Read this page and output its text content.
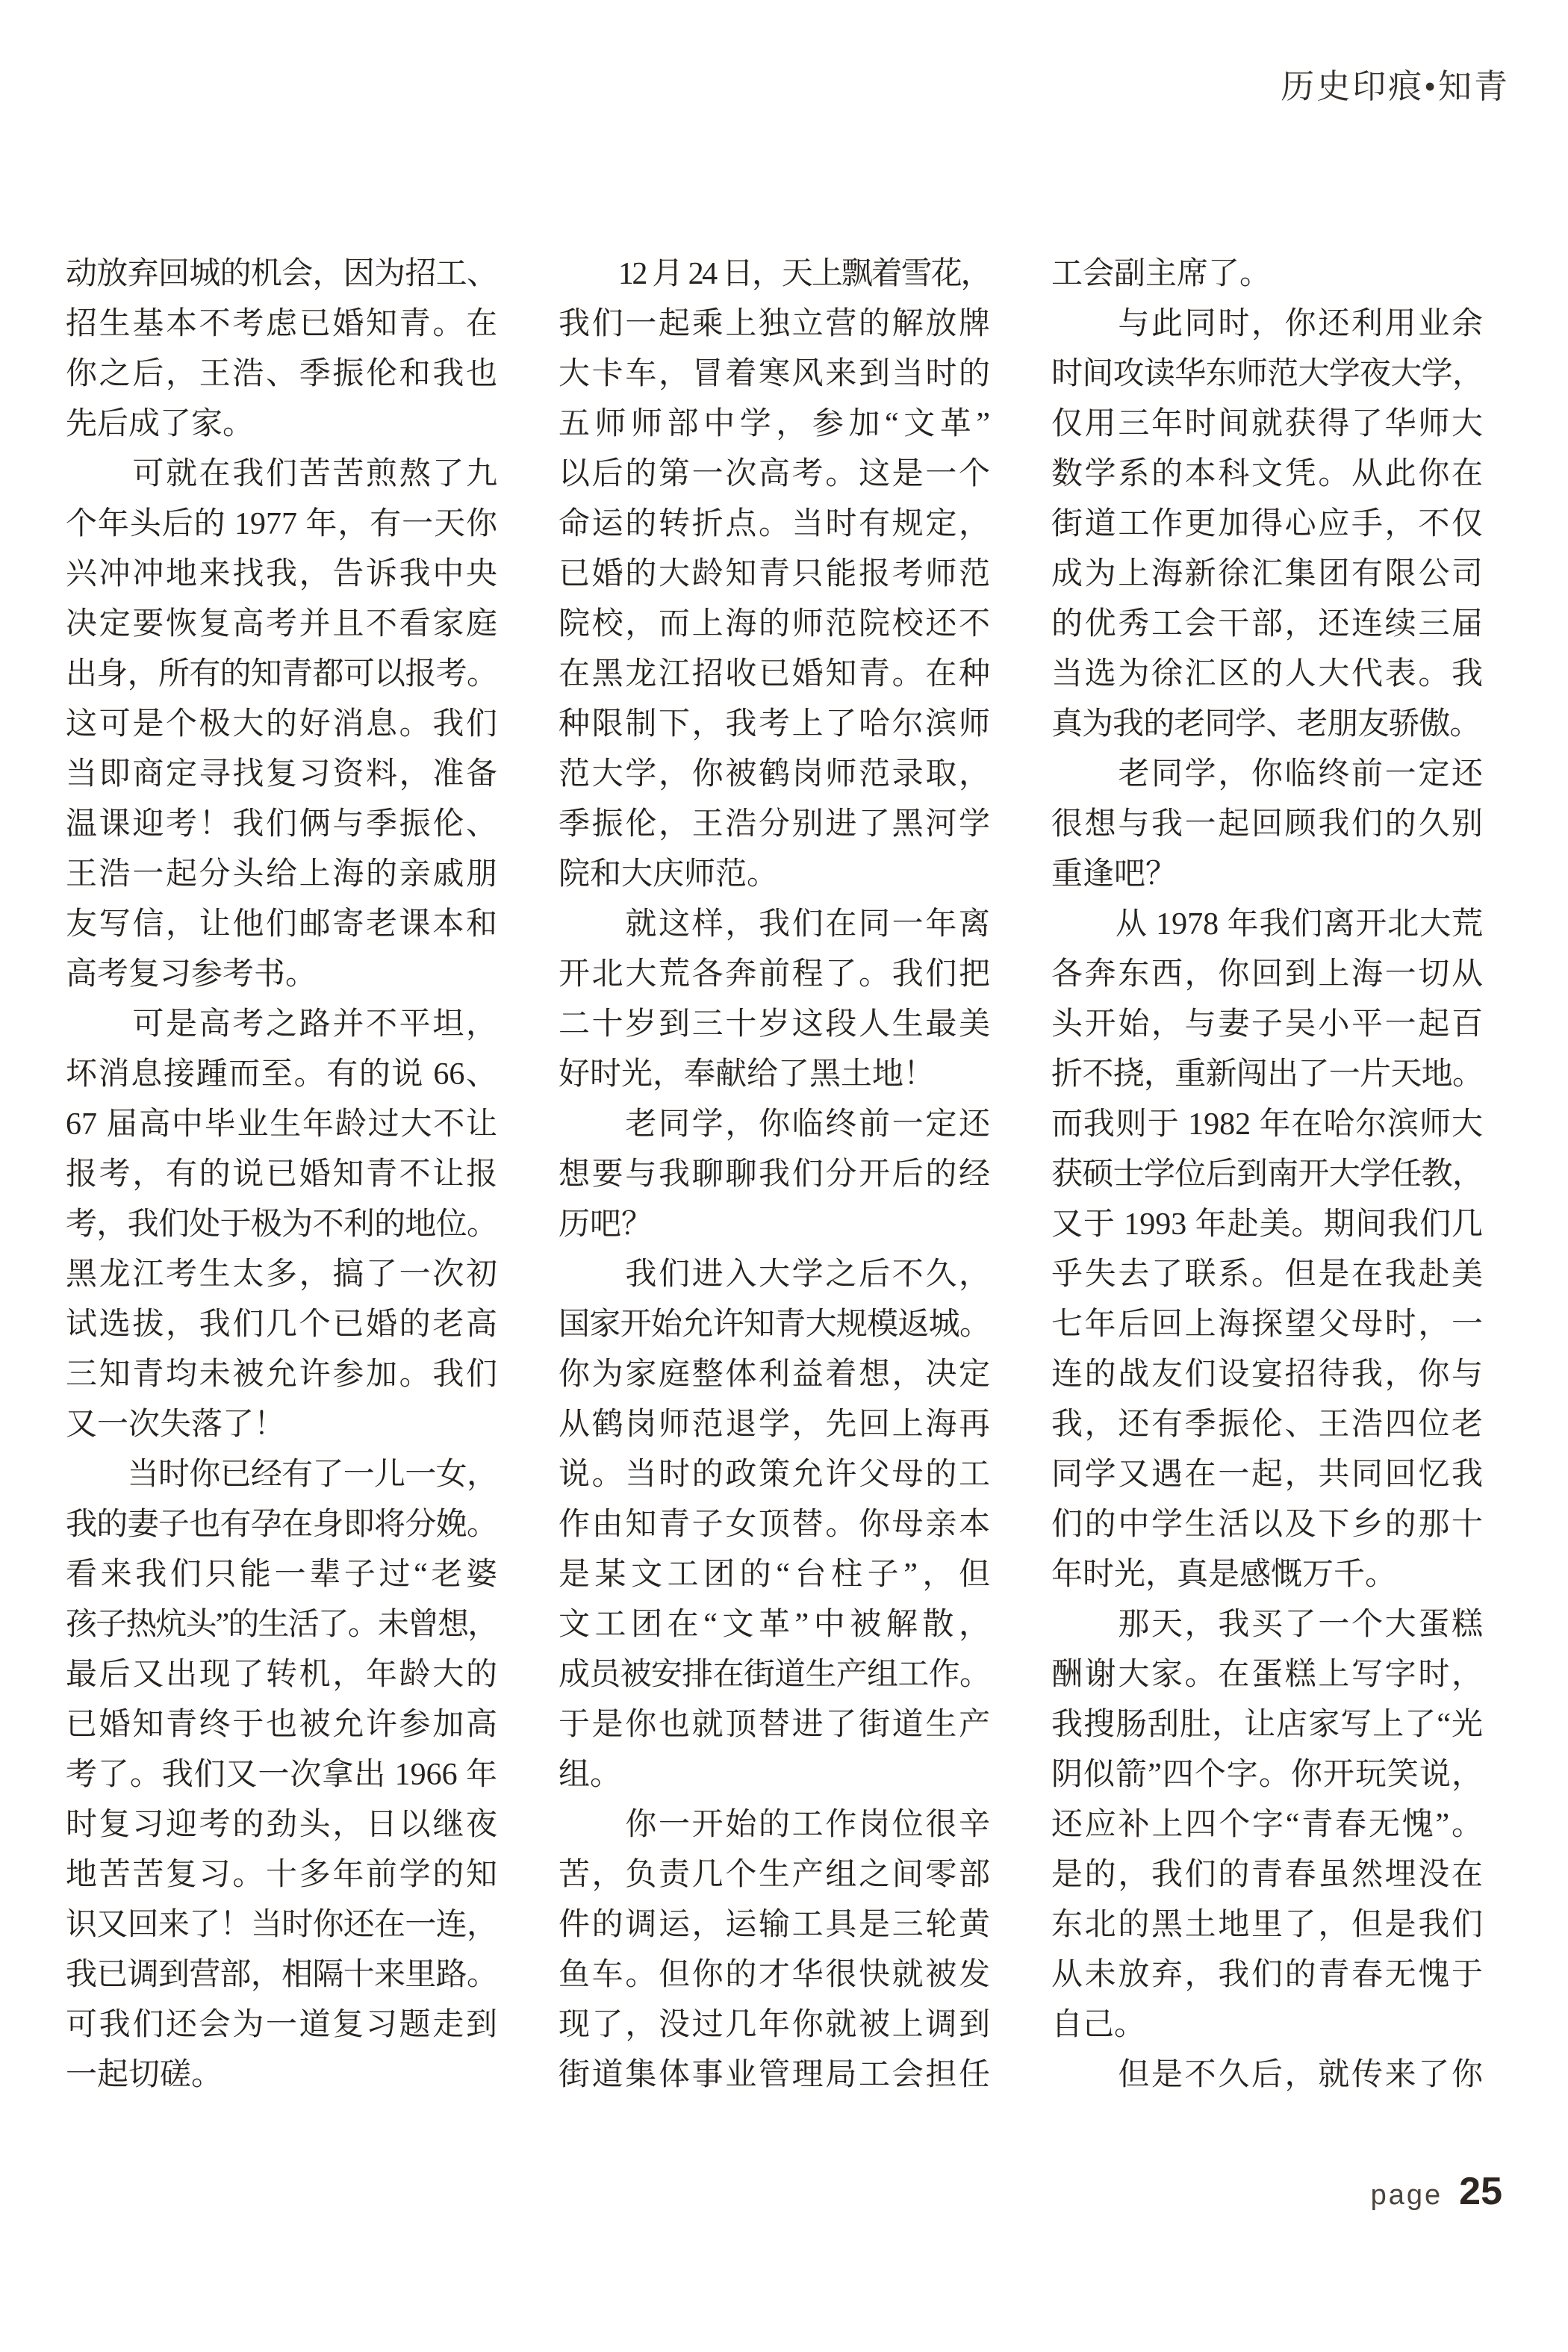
历史印痕•知青
动放弃回城的机会，因为招工、
招生基本不考虑已婚知青。在
你之后，王浩、季振伦和我也
先后成了家。
　　可就在我们苦苦煎熬了九
个年头后的 1977 年，有一天你
兴冲冲地来找我，告诉我中央
决定要恢复高考并且不看家庭
出身，所有的知青都可以报考。
这可是个极大的好消息。我们
当即商定寻找复习资料，准备
温课迎考！我们俩与季振伦、
王浩一起分头给上海的亲戚朋
友写信，让他们邮寄老课本和
高考复习参考书。
　　可是高考之路并不平坦，
坏消息接踵而至。有的说 66、
67 届高中毕业生年龄过大不让
报考，有的说已婚知青不让报
考，我们处于极为不利的地位。
黑龙江考生太多，搞了一次初
试选拔，我们几个已婚的老高
三知青均未被允许参加。我们
又一次失落了！
　　当时你已经有了一儿一女，
我的妻子也有孕在身即将分娩。
看来我们只能一辈子过“老婆
孩子热炕头”的生活了。未曾想，
最后又出现了转机，年龄大的
已婚知青终于也被允许参加高
考了。我们又一次拿出 1966 年
时复习迎考的劲头，日以继夜
地苦苦复习。十多年前学的知
识又回来了！当时你还在一连，
我已调到营部，相隔十来里路。
可我们还会为一道复习题走到
一起切磋。
　　12 月 24 日，天上飘着雪花，
我们一起乘上独立营的解放牌
大卡车，冒着寒风来到当时的
五师师部中学，参加“文革”
以后的第一次高考。这是一个
命运的转折点。当时有规定，
已婚的大龄知青只能报考师范
院校，而上海的师范院校还不
在黑龙江招收已婚知青。在种
种限制下，我考上了哈尔滨师
范大学，你被鹤岗师范录取，
季振伦，王浩分别进了黑河学
院和大庆师范。
　　就这样，我们在同一年离
开北大荒各奔前程了。我们把
二十岁到三十岁这段人生最美
好时光，奉献给了黑土地！
　　老同学，你临终前一定还
想要与我聊聊我们分开后的经
历吧？
　　我们进入大学之后不久，
国家开始允许知青大规模返城。
你为家庭整体利益着想，决定
从鹤岗师范退学，先回上海再
说。当时的政策允许父母的工
作由知青子女顶替。你母亲本
是某文工团的“台柱子”，但
文工团在“文革”中被解散，
成员被安排在街道生产组工作。
于是你也就顶替进了街道生产
组。
　　你一开始的工作岗位很辛
苦，负责几个生产组之间零部
件的调运，运输工具是三轮黄
鱼车。但你的才华很快就被发
现了，没过几年你就被上调到
街道集体事业管理局工会担任
工会副主席了。
　　与此同时，你还利用业余
时间攻读华东师范大学夜大学，
仅用三年时间就获得了华师大
数学系的本科文凭。从此你在
街道工作更加得心应手，不仅
成为上海新徐汇集团有限公司
的优秀工会干部，还连续三届
当选为徐汇区的人大代表。我
真为我的老同学、老朋友骄傲。
　　老同学，你临终前一定还
很想与我一起回顾我们的久别
重逢吧？
　　从 1978 年我们离开北大荒
各奔东西，你回到上海一切从
头开始，与妻子吴小平一起百
折不挠，重新闯出了一片天地。
而我则于 1982 年在哈尔滨师大
获硕士学位后到南开大学任教，
又于 1993 年赴美。期间我们几
乎失去了联系。但是在我赴美
七年后回上海探望父母时，一
连的战友们设宴招待我，你与
我，还有季振伦、王浩四位老
同学又遇在一起，共同回忆我
们的中学生活以及下乡的那十
年时光，真是感慨万千。
　　那天，我买了一个大蛋糕
酬谢大家。在蛋糕上写字时，
我搜肠刮肚，让店家写上了“光
阴似箭”四个字。你开玩笑说，
还应补上四个字“青春无愧”。
是的，我们的青春虽然埋没在
东北的黑土地里了，但是我们
从未放弃，我们的青春无愧于
自己。
　　但是不久后，就传来了你
page 25
